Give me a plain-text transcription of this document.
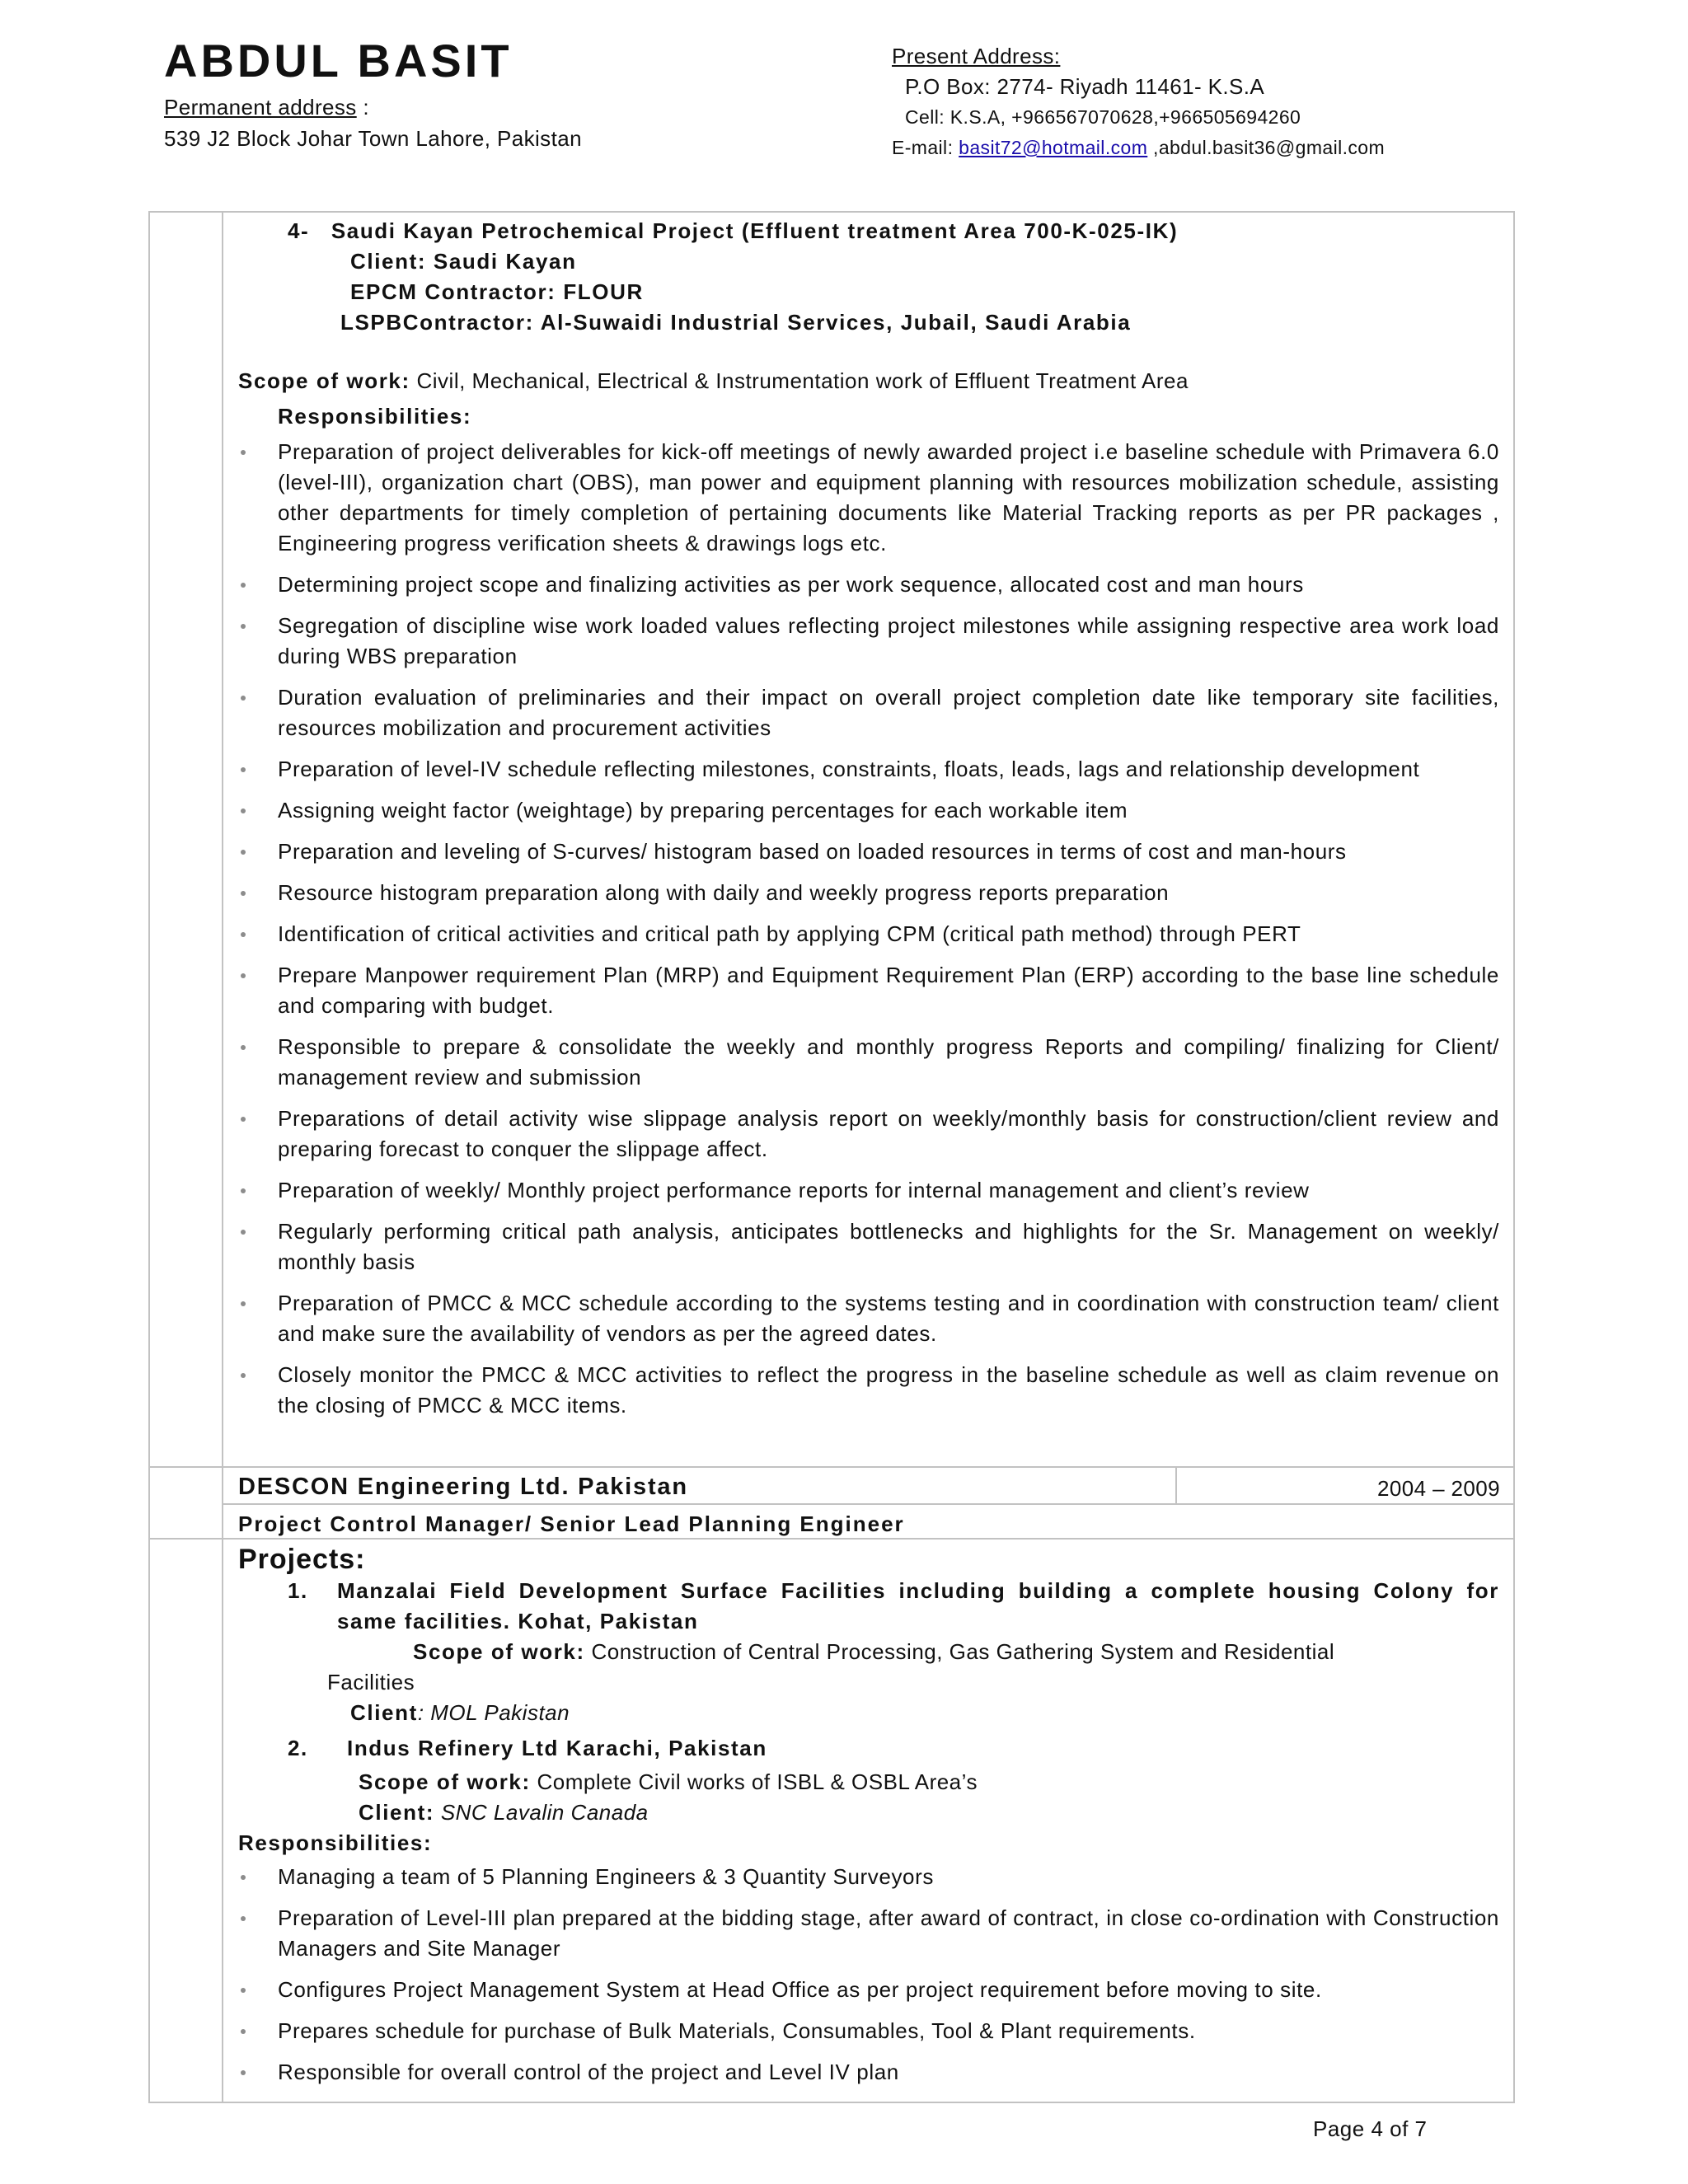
ABDUL BASIT
Permanent address :
539 J2 Block Johar Town Lahore, Pakistan
Present Address:
P.O Box: 2774- Riyadh 11461- K.S.A
Cell: K.S.A, +966567070628,+966505694260
E-mail: basit72@hotmail.com ,abdul.basit36@gmail.com

4- Saudi Kayan Petrochemical Project (Effluent treatment Area 700-K-025-IK)

Client: Saudi Kayan

EPCM Contractor: FLOUR

LSPBContractor: Al-Suwaidi Industrial Services, Jubail, Saudi Arabia

Scope of work: Civil, Mechanical, Electrical & Instrumentation work of Effluent Treatment Area

Responsibilities:

Preparation of project deliverables for kick-off meetings of newly awarded project i.e baseline schedule with Primavera 6.0 (level-III), organization chart (OBS), man power and equipment planning with resources mobilization schedule, assisting other departments for timely completion of pertaining documents like Material Tracking reports as per PR packages , Engineering progress verification sheets & drawings logs etc.
Determining project scope and finalizing activities as per work sequence, allocated cost and man hours
Segregation of discipline wise work loaded values reflecting project milestones while assigning respective area work load during WBS preparation
Duration evaluation of preliminaries and their impact on overall project completion date like temporary site facilities, resources mobilization and procurement activities
Preparation of level-IV schedule reflecting milestones, constraints, floats, leads, lags and relationship development
Assigning weight factor (weightage) by preparing percentages for each workable item
Preparation and leveling of S-curves/ histogram based on loaded resources in terms of cost and man-hours
Resource histogram preparation along with daily and weekly progress reports preparation
Identification of critical activities and critical path by applying CPM (critical path method) through PERT
Prepare Manpower requirement Plan (MRP) and Equipment Requirement Plan (ERP) according to the base line schedule and comparing with budget.
Responsible to prepare & consolidate the weekly and monthly progress Reports and compiling/ finalizing for Client/ management review and submission
Preparations of detail activity wise slippage analysis report on weekly/monthly basis for construction/client review and preparing forecast to conquer the slippage affect.
Preparation of weekly/ Monthly project performance reports for internal management and client’s review
Regularly performing critical path analysis, anticipates bottlenecks and highlights for the Sr. Management on weekly/ monthly basis
Preparation of PMCC & MCC schedule according to the systems testing and in coordination with construction team/ client and make sure the availability of vendors as per the agreed dates.
Closely monitor the PMCC & MCC activities to reflect the progress in the baseline schedule as well as claim revenue on the closing of PMCC & MCC items.
DESCON Engineering Ltd. Pakistan	2004 – 2009
Project Control Manager/ Senior Lead Planning Engineer

Projects:

1.	Manzalai Field Development Surface Facilities including building a complete housing Colony for same facilities. Kohat, Pakistan

Scope of work: Construction of Central Processing, Gas Gathering System and Residential

Facilities

Client: MOL Pakistan

2.	Indus Refinery Ltd Karachi, Pakistan

Scope of work: Complete Civil works of ISBL & OSBL Area’s

Client: SNC Lavalin Canada

Responsibilities:

Managing a team of 5 Planning Engineers & 3 Quantity Surveyors
Preparation of Level-III plan prepared at the bidding stage, after award of contract, in close co-ordination with Construction Managers and Site Manager
Configures Project Management System at Head Office as per project requirement before moving to site.
Prepares schedule for purchase of Bulk Materials, Consumables, Tool & Plant requirements.
Responsible for overall control of the project and Level IV plan
Page 4 of 7
